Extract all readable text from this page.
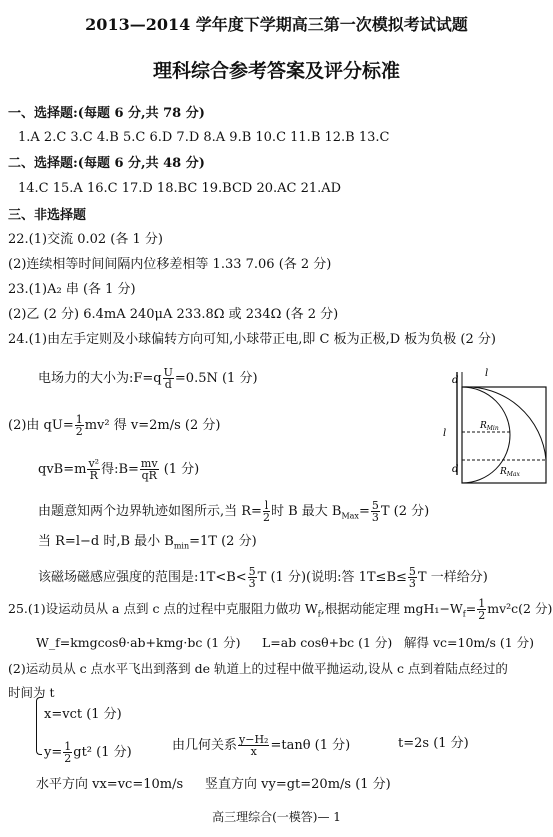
2013—2014 学年度下学期高三第一次模拟考试试题
理科综合参考答案及评分标准
一、选择题:(每题 6 分,共 78 分)
1.A 2.C 3.C 4.B 5.C 6.D 7.D 8.A 9.B 10.C 11.B 12.B 13.C
二、选择题:(每题 6 分,共 48 分)
14.C 15.A 16.C 17.D 18.BC 19.BCD 20.AC 21.AD
三、非选择题
22.(1)交流 0.02 (各 1 分)
(2)连续相等时间间隔内位移差相等 1.33 7.06 (各 2 分)
23.(1)A₂ 串 (各 1 分)
(2)乙 (2 分) 6.4mA 240μA 233.8Ω 或 234Ω (各 2 分)
24.(1)由左手定则及小球偏转方向可知,小球带正电,即 C 板为正极,D 板为负极 (2 分)
电场力的大小为:F=q $\frac{U}{d} =0.5N$ (1 分)
(2)由 $qU= \frac{1}{2} mv^2$ 得 v=2m/s (2 分)
$qvB=m \frac{\text{v²}}{R}$ 得:B= $\frac{mv}{qR} (1$ 分)
由题意知两个边界轨迹如图所示,当 $R= \frac{l}{2}$ 时 B 最大 $B_{Max}= \frac{5}{3}$ T (2 分)
当 R=l−d 时,B 最小 $B_{min}=1T$ (2 分)
该磁场磁感应强度的范围是:1T<B< $\frac{5}{3}$ T (1 分)(说明:答 $1T\le B\le \frac{5}{3}$ T 一样给分)
d
d
l
l
$R_{Min}$
$R_{Max}$
25.(1)设运动员从 a 点到 c 点的过程中克服阻力做功 $W_f$,根据动能定理 $mgH_1-W_f= \frac{1}{2} mv^2c(2$ 分)
W_f=kmgcosθ·ab+kmg·bc (1 分) L=ab cosθ+bc (1 分) 解得 vc=10m/s (1 分)
(2)运动员从 c 点水平飞出到落到 de 轨道上的过程中做平抛运动,设从 c 点到着陆点经过的
时间为 t
x=vct (1 分)
$y= \frac{1}{2} gt^2$ (1 分)	由几何关系 $\frac{\text{y−H₂}}{x} =\tan\theta$ (1 分)	t=2s (1 分)
水平方向 vx=vc=10m/s 竖直方向 vy=gt=20m/s (1 分)
高三理综合(一模答)— 1
